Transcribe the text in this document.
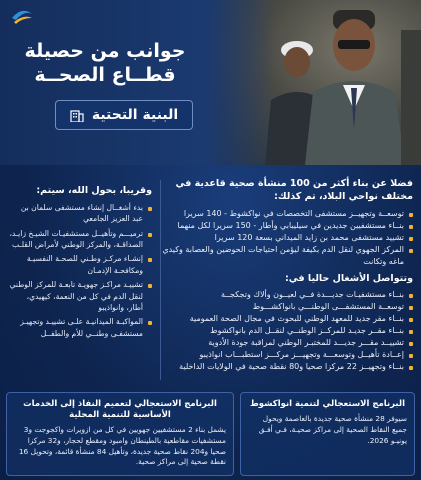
جوانب من حصيلة
قطــاع الصحــة
البنية التحتية
فضلا عن بناء أكثر من 100 منشأة صحية قاعدية في مختلف نواحي البلاد، تم كذلك:
توسعــة وتجهيــز مستشفى التخصصات في نواكشوط - 140 سريرا
بنــاء مستشفيين جديدين في سيليبابي وأطار - 150 سريرا لكل منهما
تشييد مستشفى محمد بن زايد الميداني بسعة 120 سريرا
المركز الجهوي لنقل الدم بكيفة ليؤمن احتياجات الحوضين والعصابة وكيدي ماغه وتكانت
وتتواصل الأشغال حاليا في:
بنــاء مستشفيـات جديـــدة فــي لعيــون وألاك وتجكجــة
توسعــة المستشفـــى الوطنـــي بانواكشـــوط
بنــاء مقر جديد للمعهد الوطني للبحوث في مجال الصحة العمومية
بنــاء مقــر جديـد للمركــز الوطنــي لنقــل الدم بانواكشوط
تشييــد مقـــر جديـــد للمختبـر الوطني لمراقبة جودة الأدوية
إعــادة تأهيــل وتوسعـــة وتجهيـــز مركـــز استطبـــاب انواذيبو
بنــاء وتجهيــز 22 مركزا صحيا و80 نقطة صحية في الولايات الداخلية
وقريبا، بحول الله، سيتم:
بدء أشغــال إنشاء مستشفى سلمان بن عبد العزيز الجامعي
ترميـــم وتأهيــل مستشفيـات الشيـخ زايـد، الصداقـة، والمركز الوطني لأمراض القلـب
إنشـاء مركـز وطـني للصحـة النفسيـة ومكافحـة الإدمـان
تشييـد مراكـز جهويـة تابعـة للمركز الوطني لنقل الدم في كل من النعمة، كيهيدي، أطار، وانواذيبو
المواكبـة الميدانيـة علـى تشييـد وتجهيـز مستشفـى وطنــي للأم والطفــل
البرنامج الاستعجالي لتعميم النفاذ إلى الخدمات الأساسية للتنمية المحلية
يشمل بناء 2 مستشفيين جهويين في كل من ازويرات واكجوجت و3 مستشفيات مقاطعية بالطينطان وامبود ومقطع لحجار، و32 مركزا صحيا و204 نقاط صحية جديدة، وتأهيل 84 منشأة قائمة، وتحويل 16 نقطة صحية إلى مراكز صحية.
البرنامج الاستعجالي لتنمية انواكشوط
سيوفر 28 منشأة صحية جديدة بالعاصمة ويحول جميع النقاط الصحية إلى مراكز صحيـة، فـي أفـق يونيـو 2026.
